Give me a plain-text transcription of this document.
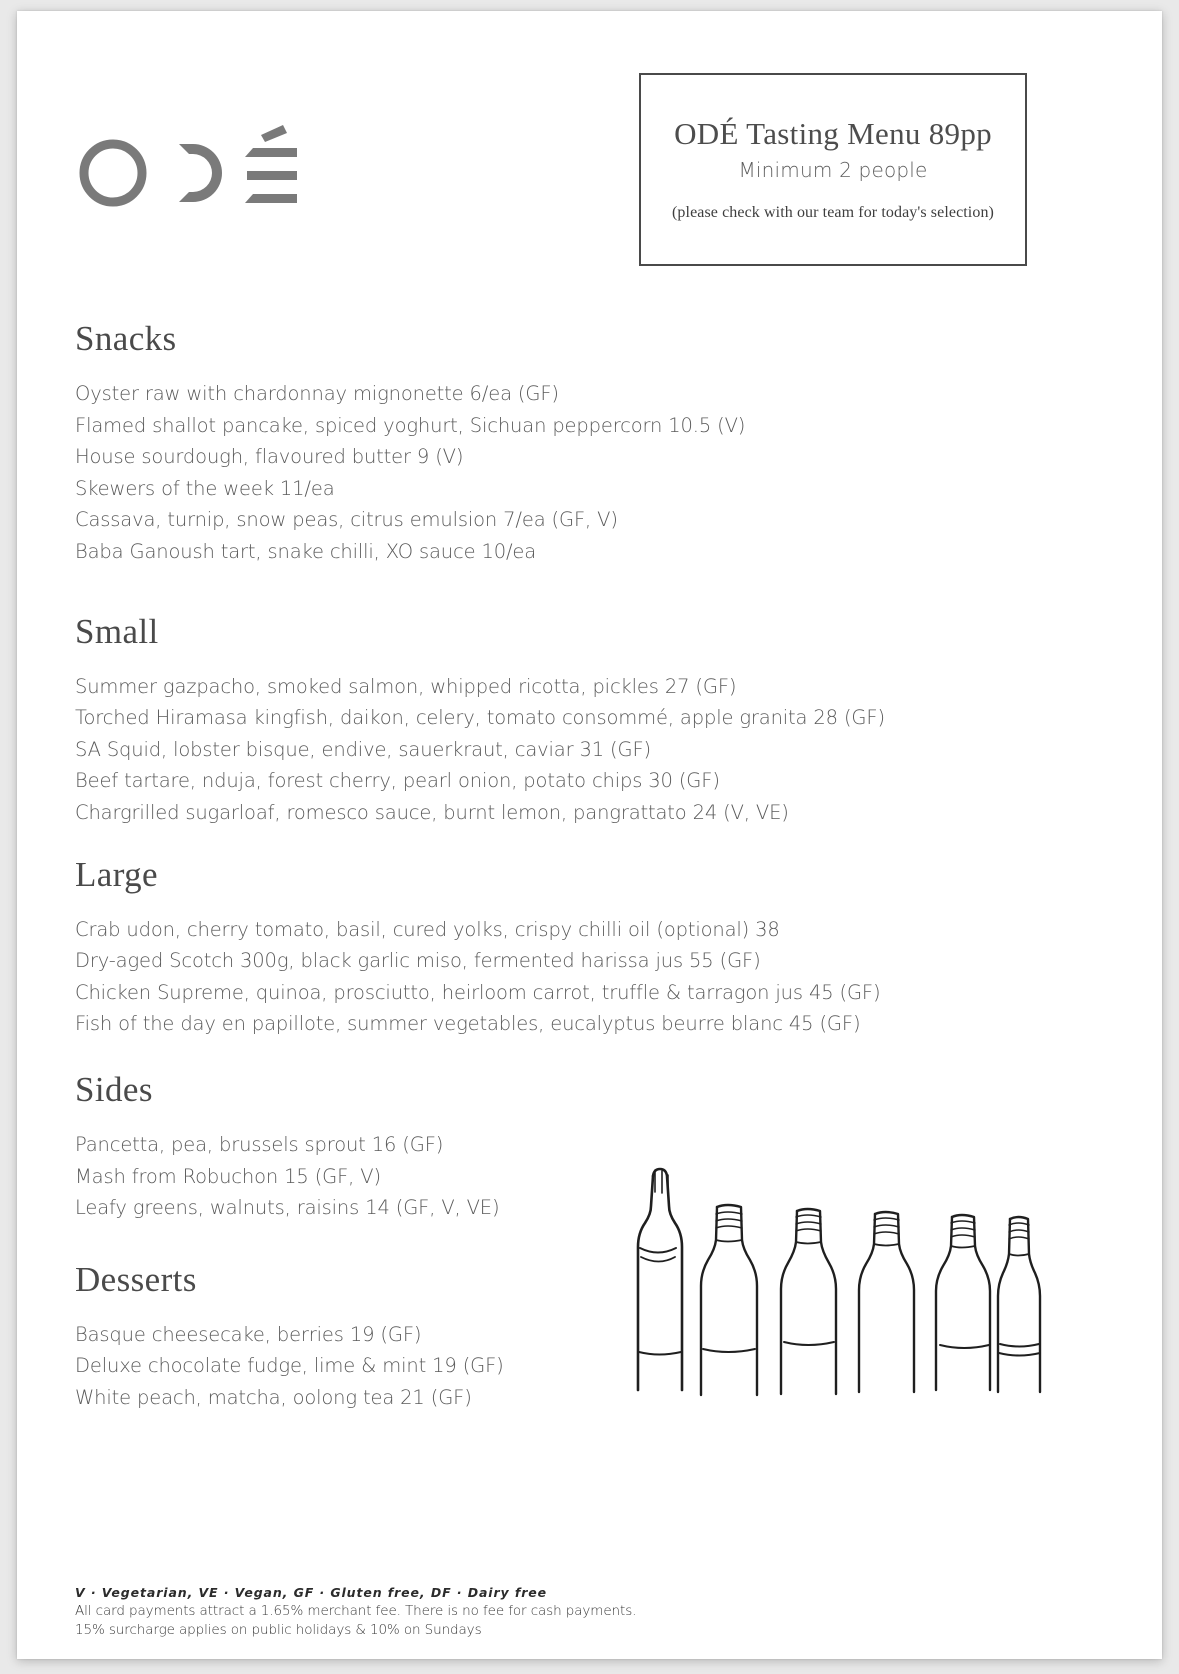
ODÉ Tasting Menu 89pp
Minimum 2 people
(please check with our team for today's selection)
Snacks
Oyster raw with chardonnay mignonette 6/ea (GF)
Flamed shallot pancake, spiced yoghurt, Sichuan peppercorn 10.5 (V)
House sourdough, flavoured butter 9 (V)
Skewers of the week 11/ea
Cassava, turnip, snow peas, citrus emulsion 7/ea (GF, V)
Baba Ganoush tart, snake chilli, XO sauce 10/ea
Small
Summer gazpacho, smoked salmon, whipped ricotta, pickles 27 (GF)
Torched Hiramasa kingfish, daikon, celery, tomato consommé, apple granita 28 (GF)
SA Squid, lobster bisque, endive, sauerkraut, caviar 31 (GF)
Beef tartare, nduja, forest cherry, pearl onion, potato chips 30 (GF)
Chargrilled sugarloaf, romesco sauce, burnt lemon, pangrattato 24 (V, VE)
Large
Crab udon, cherry tomato, basil, cured yolks, crispy chilli oil (optional) 38
Dry-aged Scotch 300g, black garlic miso, fermented harissa jus 55 (GF)
Chicken Supreme, quinoa, prosciutto, heirloom carrot, truffle & tarragon jus 45 (GF)
Fish of the day en papillote, summer vegetables, eucalyptus beurre blanc 45 (GF)
Sides
Pancetta, pea, brussels sprout 16 (GF)
Mash from Robuchon 15 (GF, V)
Leafy greens, walnuts, raisins 14 (GF, V, VE)
Desserts
Basque cheesecake, berries 19 (GF)
Deluxe chocolate fudge, lime & mint 19 (GF)
White peach, matcha, oolong tea 21 (GF)
V · Vegetarian, VE · Vegan, GF · Gluten free, DF · Dairy free
All card payments attract a 1.65% merchant fee. There is no fee for cash payments.
15% surcharge applies on public holidays & 10% on Sundays
